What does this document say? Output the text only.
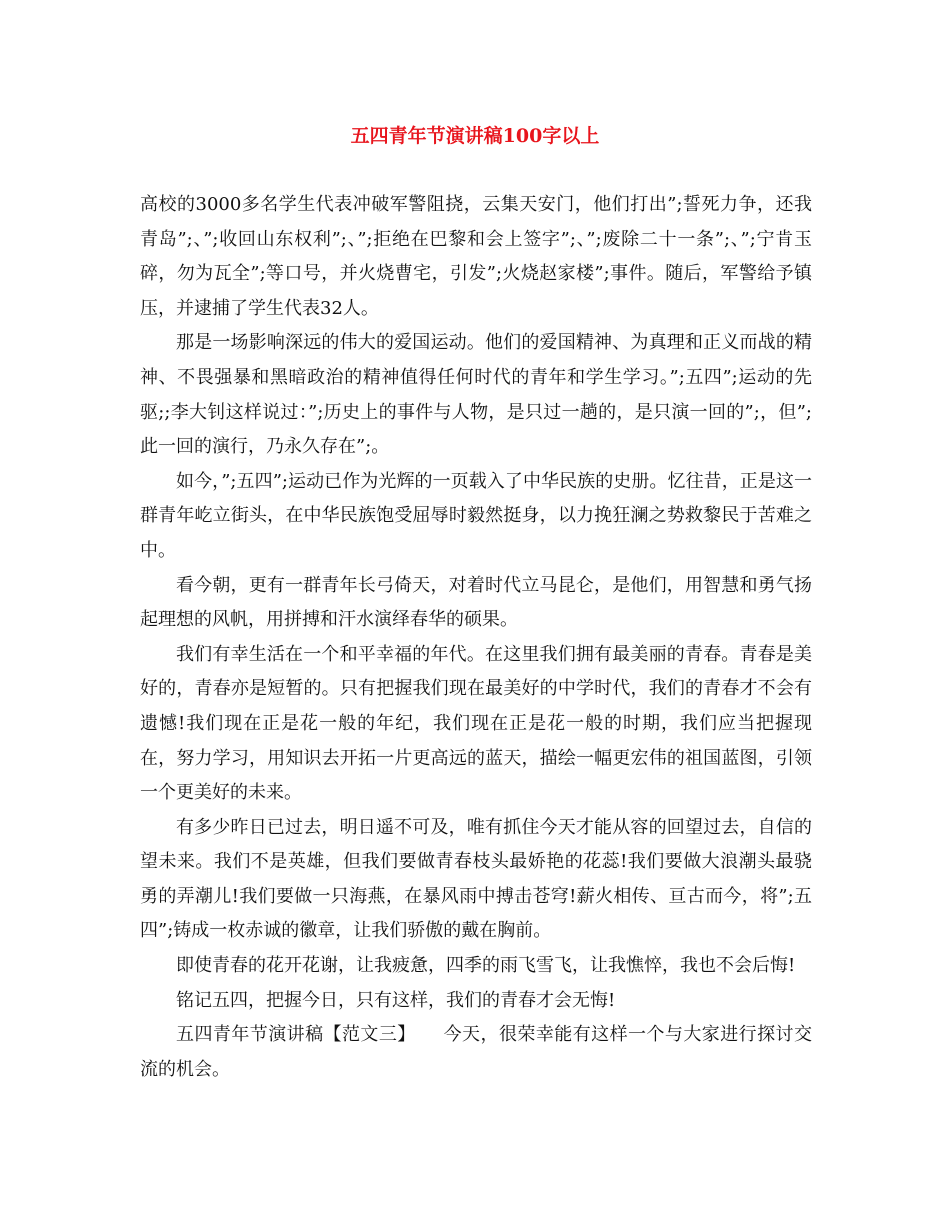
五四青年节演讲稿100字以上

高校的3000多名学生代表冲破军警阻挠，云集天安门，他们打出”;誓死力争，还我青岛”;、”;收回山东权利”;、”;拒绝在巴黎和会上签字”;、”;废除二十一条”;、”;宁肯玉碎，勿为瓦全”;等口号，并火烧曹宅，引发”;火烧赵家楼”;事件。随后，军警给予镇压，并逮捕了学生代表32人。

那是一场影响深远的伟大的爱国运动。他们的爱国精神、为真理和正义而战的精神、不畏强暴和黑暗政治的精神值得任何时代的青年和学生学习。”;五四”;运动的先驱;;李大钊这样说过：”;历史上的事件与人物，是只过一趟的，是只演一回的”;，但”;此一回的演行，乃永久存在”;。

如今，”;五四”;运动已作为光辉的一页载入了中华民族的史册。忆往昔，正是这一群青年屹立街头，在中华民族饱受屈辱时毅然挺身，以力挽狂澜之势救黎民于苦难之中。

看今朝，更有一群青年长弓倚天，对着时代立马昆仑，是他们，用智慧和勇气扬起理想的风帆，用拼搏和汗水演绎春华的硕果。

我们有幸生活在一个和平幸福的年代。在这里我们拥有最美丽的青春。青春是美好的，青春亦是短暂的。只有把握我们现在最美好的中学时代，我们的青春才不会有遗憾!我们现在正是花一般的年纪，我们现在正是花一般的时期，我们应当把握现在，努力学习，用知识去开拓一片更高远的蓝天，描绘一幅更宏伟的祖国蓝图，引领一个更美好的未来。

有多少昨日已过去，明日遥不可及，唯有抓住今天才能从容的回望过去，自信的望未来。我们不是英雄，但我们要做青春枝头最娇艳的花蕊!我们要做大浪潮头最骁勇的弄潮儿!我们要做一只海燕，在暴风雨中搏击苍穹!薪火相传、亘古而今，将”;五四”;铸成一枚赤诚的徽章，让我们骄傲的戴在胸前。

即使青春的花开花谢，让我疲惫，四季的雨飞雪飞，让我憔悴，我也不会后悔!

铭记五四，把握今日，只有这样，我们的青春才会无悔!

五四青年节演讲稿【范文三】　　今天，很荣幸能有这样一个与大家进行探讨交流的机会。
